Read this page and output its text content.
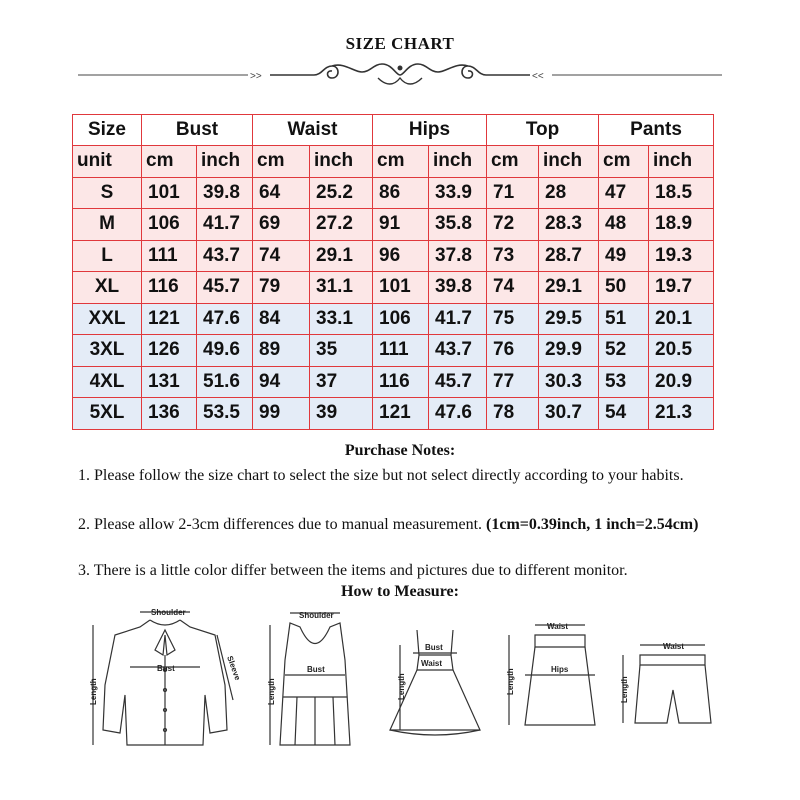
SIZE CHART
>>	<<
Size	Bust		Waist		Hips		Top		Pants	
unit	cm	inch	cm	inch	cm	inch	cm	inch	cm	inch
S	101	39.8	64	25.2	86	33.9	71	28	47	18.5
M	106	41.7	69	27.2	91	35.8	72	28.3	48	18.9
L	111	43.7	74	29.1	96	37.8	73	28.7	49	19.3
XL	116	45.7	79	31.1	101	39.8	74	29.1	50	19.7
XXL	121	47.6	84	33.1	106	41.7	75	29.5	51	20.1
3XL	126	49.6	89	35	111	43.7	76	29.9	52	20.5
4XL	131	51.6	94	37	116	45.7	77	30.3	53	20.9
5XL	136	53.5	99	39	121	47.6	78	30.7	54	21.3
Purchase Notes:
1. Please follow the size chart to select the size but not select directly according to your habits.
2. Please allow 2-3cm differences due to manual measurement. (1cm=0.39inch, 1 inch=2.54cm)
3. There is a little color differ between the items and pictures due to different monitor.
How to Measure:
Shoulder
Bust	Sleeve
Length
Shoulder
Bust
Length
Bust
Waist
Length
Waist
Hips
Length
Waist
Length
